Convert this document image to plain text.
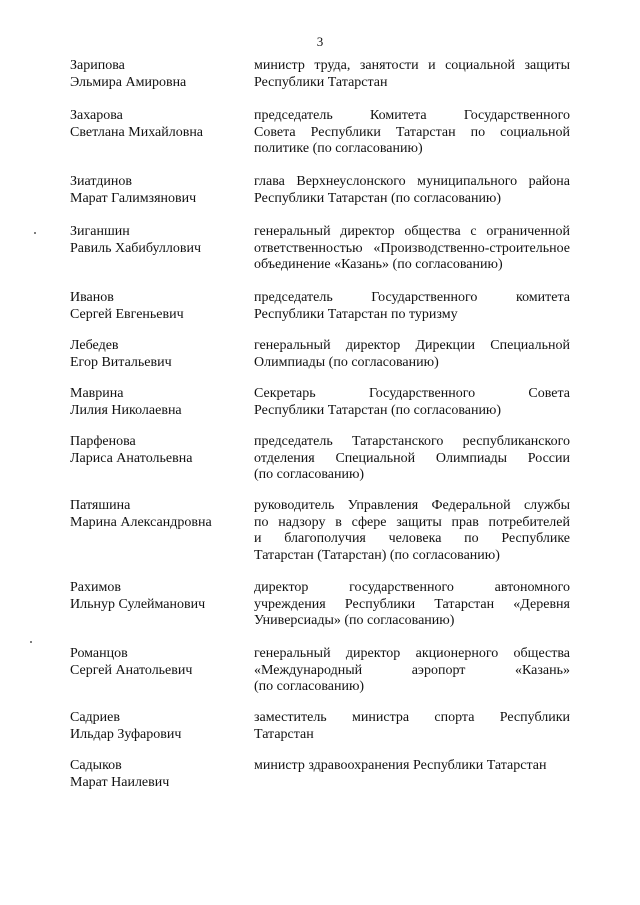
3
Зарипова
Эльмира Амировна
министр труда, занятости и социальной защиты
Республики Татарстан
Захарова
Светлана Михайловна
председатель Комитета Государственного
Совета Республики Татарстан по социальной
политике (по согласованию)
Зиатдинов
Марат Галимзянович
глава Верхнеуслонского муниципального района
Республики Татарстан (по согласованию)
Зиганшин
Равиль Хабибуллович
генеральный директор общества с ограниченной
ответственностью «Производственно-строительное
объединение «Казань» (по согласованию)
Иванов
Сергей Евгеньевич
председатель Государственного комитета
Республики Татарстан по туризму
Лебедев
Егор Витальевич
генеральный директор Дирекции Специальной
Олимпиады (по согласованию)
Маврина
Лилия Николаевна
Секретарь Государственного Совета
Республики Татарстан (по согласованию)
Парфенова
Лариса Анатольевна
председатель Татарстанского республиканского
отделения Специальной Олимпиады России
(по согласованию)
Патяшина
Марина Александровна
руководитель Управления Федеральной службы
по надзору в сфере защиты прав потребителей
и благополучия человека по Республике
Татарстан (Татарстан) (по согласованию)
Рахимов
Ильнур Сулейманович
директор государственного автономного
учреждения Республики Татарстан «Деревня
Универсиады» (по согласованию)
Романцов
Сергей Анатольевич
генеральный директор акционерного общества
«Международный аэропорт «Казань»
(по согласованию)
Садриев
Ильдар Зуфарович
заместитель министра спорта Республики
Татарстан
Садыков
Марат Наилевич
министр здравоохранения Республики Татарстан
